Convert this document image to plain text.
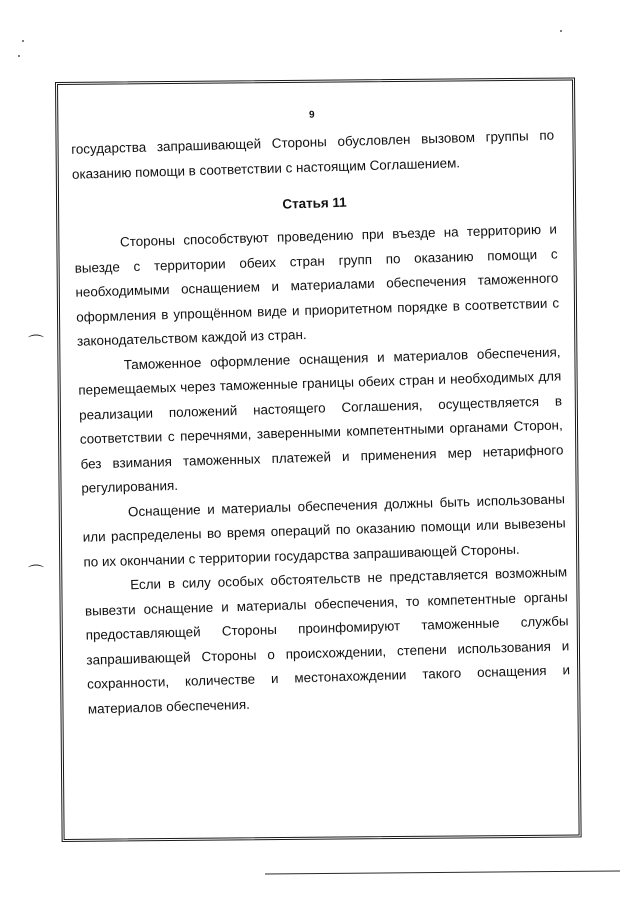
⌒
⌒
9

государства запрашивающей Стороны обусловлен вызовом группы по оказанию помощи в соответствии с настоящим Соглашением.

Статья 11

Стороны способствуют проведению при въезде на территорию и выезде с территории обеих стран групп по оказанию помощи с необходимыми оснащением и материалами обеспечения таможенного оформления в упрощённом виде и приоритетном порядке в соответствии с законодательством каждой из стран.

Таможенное оформление оснащения и материалов обеспечения, перемещаемых через таможенные границы обеих стран и необходимых для реализации положений настоящего Соглашения, осуществляется в соответствии с перечнями, заверенными компетентными органами Сторон, без взимания таможенных платежей и применения мер нетарифного регулирования.

Оснащение и материалы обеспечения должны быть использованы или распределены во время операций по оказанию помощи или вывезены по их окончании с территории государства запрашивающей Стороны.

Если в силу особых обстоятельств не представляется возможным вывезти оснащение и материалы обеспечения, то компетентные органы предоставляющей Стороны проинфомируют таможенные службы запрашивающей Стороны о происхождении, степени использования и сохранности, количестве и местонахождении такого оснащения и материалов обеспечения.
